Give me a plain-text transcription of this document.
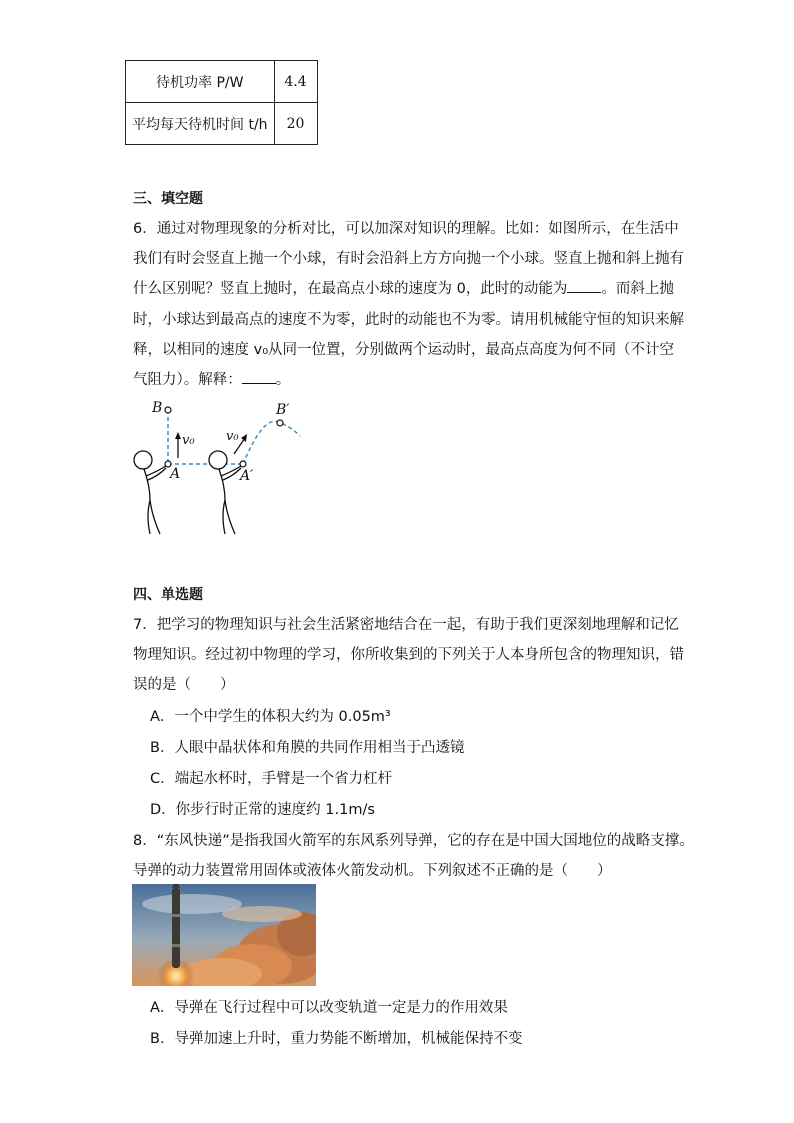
待机功率 P/W	4.4
平均每天待机时间 t/h	20
三、填空题
6．通过对物理现象的分析对比，可以加深对知识的理解。比如：如图所示，在生活中
我们有时会竖直上抛一个小球，有时会沿斜上方方向抛一个小球。竖直上抛和斜上抛有
什么区别呢？竖直上抛时，在最高点小球的速度为 0，此时的动能为 。而斜上抛
时，小球达到最高点的速度不为零，此时的动能也不为零。请用机械能守恒的知识来解
释，以相同的速度 v₀从同一位置，分别做两个运动时，最高点高度为何不同（不计空
气阻力）。解释： 。
B
A
v₀ v₀
B′
A′
四、单选题
7．把学习的物理知识与社会生活紧密地结合在一起，有助于我们更深刻地理解和记忆
物理知识。经过初中物理的学习，你所收集到的下列关于人本身所包含的物理知识，错
误的是（　　）
A．一个中学生的体积大约为 0.05m³
B．人眼中晶状体和角膜的共同作用相当于凸透镜
C．端起水杯时，手臂是一个省力杠杆
D．你步行时正常的速度约 1.1m/s
8．“东风快递”是指我国火箭军的东风系列导弹，它的存在是中国大国地位的战略支撑。
导弹的动力装置常用固体或液体火箭发动机。下列叙述不正确的是（　　）
A．导弹在飞行过程中可以改变轨道一定是力的作用效果
B．导弹加速上升时，重力势能不断增加，机械能保持不变
